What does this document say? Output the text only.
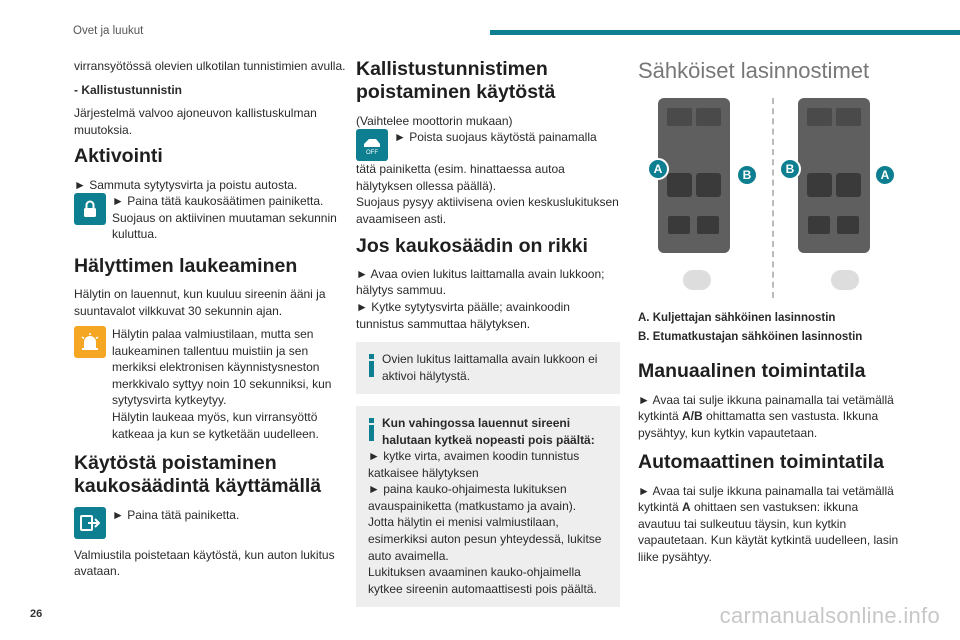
Ovet ja luukut

virransyötössä olevien ulkotilan tunnistimien avulla.

- Kallistustunnistin

Järjestelmä valvoo ajoneuvon kallistuskulman muutoksia.

Aktivointi
► Sammuta sytytysvirta ja poistu autosta.
► Paina tätä kaukosäätimen painiketta.
Suojaus on aktiivinen muutaman sekunnin kuluttua.
Hälyttimen laukeaminen

Hälytin on lauennut, kun kuuluu sireenin ääni ja suuntavalot vilkkuvat 30 sekunnin ajan.

Hälytin palaa valmiustilaan, mutta sen
laukeaminen tallentuu muistiin ja sen merkiksi elektronisen käynnistysneston merkkivalo syttyy noin 10 sekunniksi, kun sytytysvirta kytkeytyy.
Hälytin laukeaa myös, kun virransyöttö katkeaa ja kun se kytketään uudelleen.
Käytöstä poistaminen kaukosäädintä käyttämällä
► Paina tätä painiketta.

Valmiustila poistetaan käytöstä, kun auton lukitus avataan.

Kallistustunnistimen poistaminen käytöstä
(Vaihtelee moottorin mukaan)
OFF
► Poista suojaus käytöstä painamalla
tätä painiketta (esim. hinattaessa autoa hälytyksen ollessa päällä).

Suojaus pysyy aktiivisena ovien keskuslukituksen avaamiseen asti.

Jos kaukosäädin on rikki
► Avaa ovien lukitus laittamalla avain lukkoon; hälytys sammuu.
► Kytke sytytysvirta päälle; avainkoodin tunnistus sammuttaa hälytyksen.
Ovien lukitus laittamalla avain lukkoon ei aktivoi hälytystä.
Kun vahingossa lauennut sireeni halutaan kytkeä nopeasti pois päältä:
► kytke virta, avaimen koodin tunnistus katkaisee hälytyksen
► paina kauko-ohjaimesta lukituksen avauspainiketta (matkustamo ja avain).
Jotta hälytin ei menisi valmiustilaan, esimerkiksi auton pesun yhteydessä, lukitse auto avaimella.
Lukituksen avaaminen kauko-ohjaimella kytkee sireenin automaattisesti pois päältä.
Sähköiset lasinnostimet
A	B	B	A

A. Kuljettajan sähköinen lasinnostin

B. Etumatkustajan sähköinen lasinnostin

Manuaalinen toimintatila

► Avaa tai sulje ikkuna painamalla tai vetämällä kytkintä A/B ohittamatta sen vastusta. Ikkuna pysähtyy, kun kytkin vapautetaan.

Automaattinen toimintatila

► Avaa tai sulje ikkuna painamalla tai vetämällä kytkintä A ohittaen sen vastuksen: ikkuna avautuu tai sulkeutuu täysin, kun kytkin vapautetaan. Kun käytät kytkintä uudelleen, lasin liike pysähtyy.

26	carmanualsonline.info
